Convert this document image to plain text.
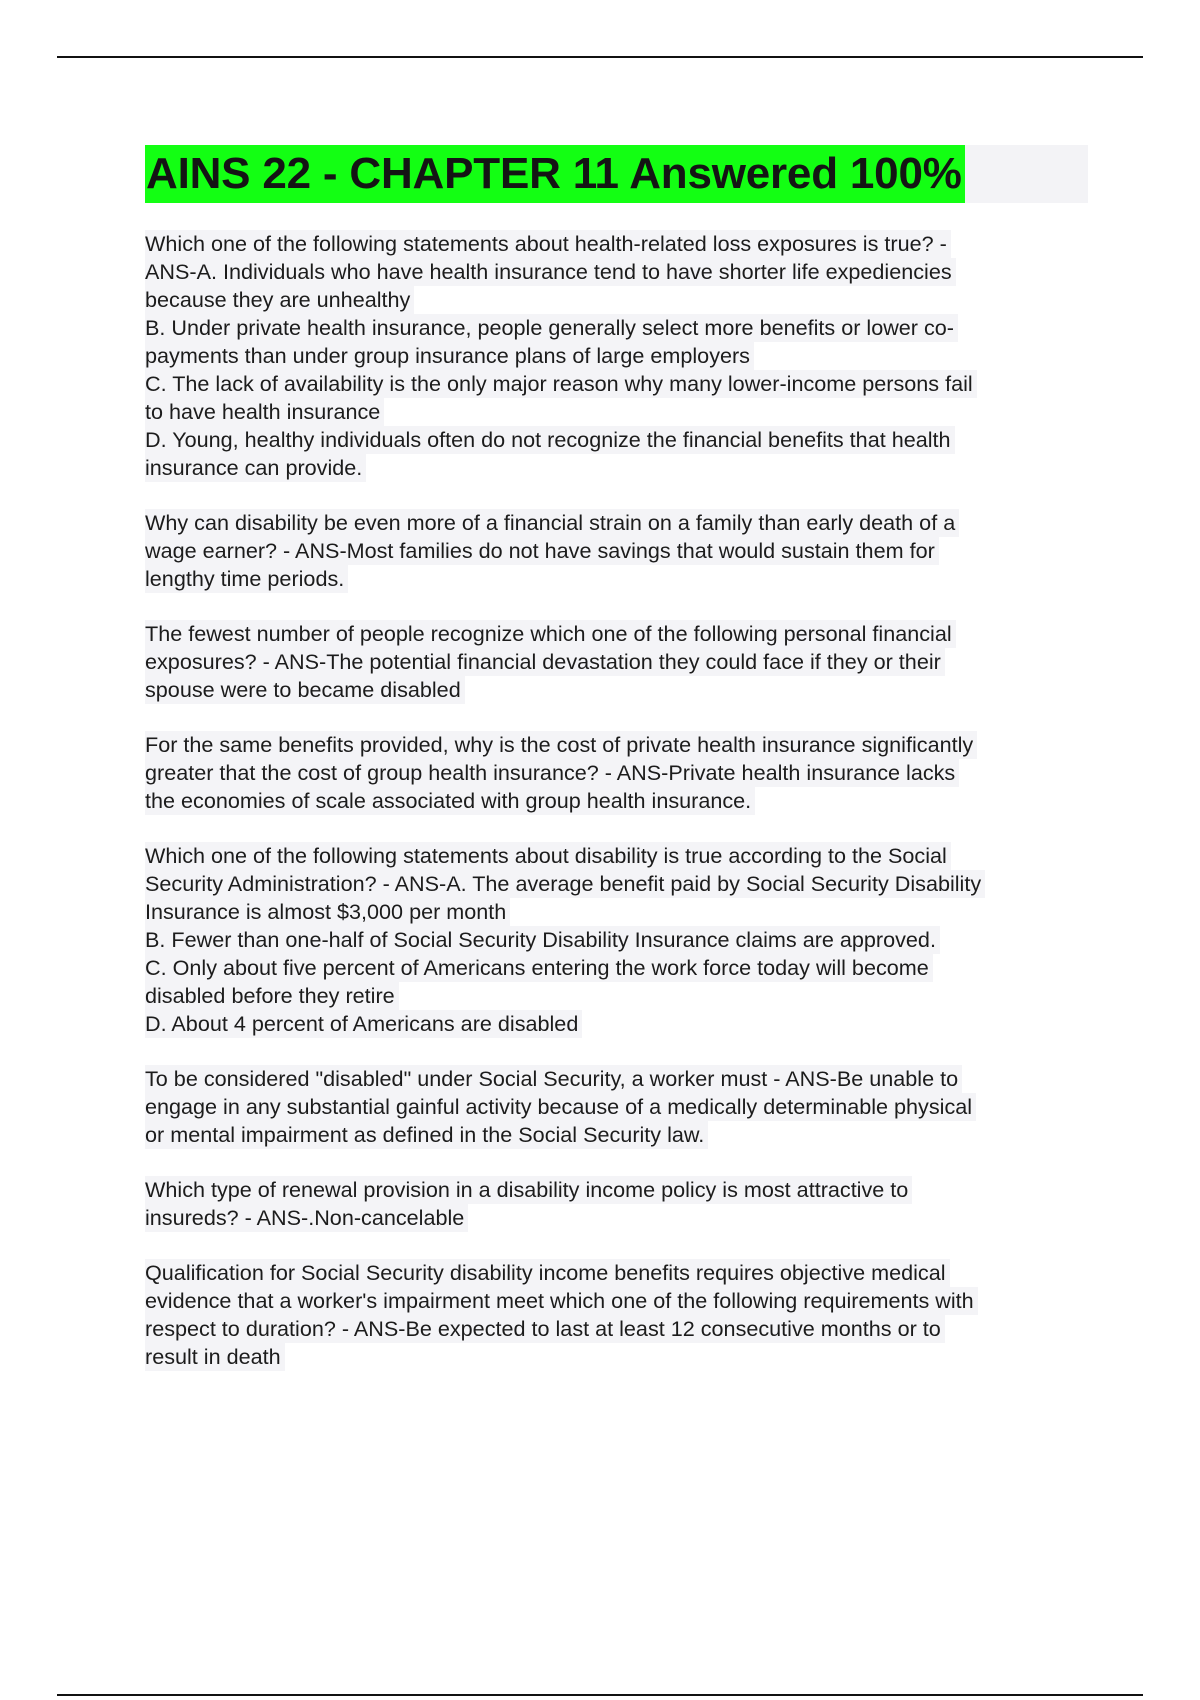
AINS 22 - CHAPTER 11 Answered 100%
Which one of the following statements about health-related loss exposures is true? -
ANS-A. Individuals who have health insurance tend to have shorter life expediencies
because they are unhealthy
B. Under private health insurance, people generally select more benefits or lower co-
payments than under group insurance plans of large employers
C. The lack of availability is the only major reason why many lower-income persons fail
to have health insurance
D. Young, healthy individuals often do not recognize the financial benefits that health
insurance can provide.
Why can disability be even more of a financial strain on a family than early death of a
wage earner? - ANS-Most families do not have savings that would sustain them for
lengthy time periods.
The fewest number of people recognize which one of the following personal financial
exposures? - ANS-The potential financial devastation they could face if they or their
spouse were to became disabled
For the same benefits provided, why is the cost of private health insurance significantly
greater that the cost of group health insurance? - ANS-Private health insurance lacks
the economies of scale associated with group health insurance.
Which one of the following statements about disability is true according to the Social
Security Administration? - ANS-A. The average benefit paid by Social Security Disability
Insurance is almost $3,000 per month
B. Fewer than one-half of Social Security Disability Insurance claims are approved.
C. Only about five percent of Americans entering the work force today will become
disabled before they retire
D. About 4 percent of Americans are disabled
To be considered "disabled" under Social Security, a worker must - ANS-Be unable to
engage in any substantial gainful activity because of a medically determinable physical
or mental impairment as defined in the Social Security law.
Which type of renewal provision in a disability income policy is most attractive to
insureds? - ANS-.Non-cancelable
Qualification for Social Security disability income benefits requires objective medical
evidence that a worker's impairment meet which one of the following requirements with
respect to duration? - ANS-Be expected to last at least 12 consecutive months or to
result in death
